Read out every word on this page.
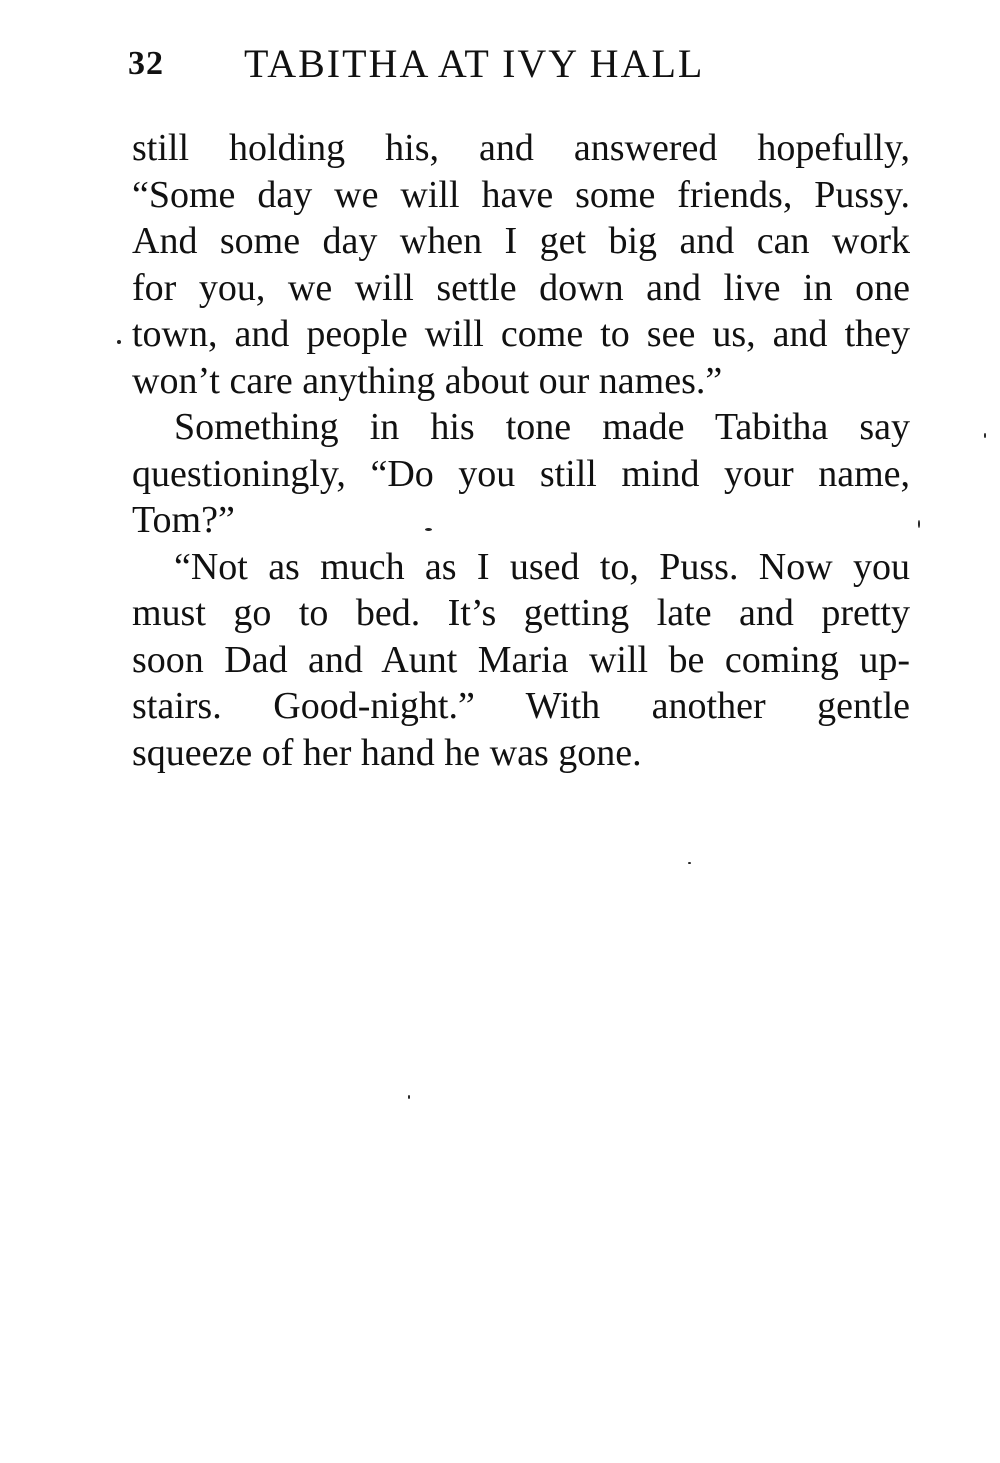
32 TABITHA AT IVY HALL
still holding his, and answered hopefully,
“Some day we will have some friends, Pussy.
And some day when I get big and can work
for you, we will settle down and live in one
town, and people will come to see us, and they
won’t care anything about our names.”
Something in his tone made Tabitha say
questioningly, “Do you still mind your name,
Tom?”
“Not as much as I used to, Puss. Now you
must go to bed. It’s getting late and pretty
soon Dad and Aunt Maria will be coming up-
stairs. Good-night.” With another gentle
squeeze of her hand he was gone.
